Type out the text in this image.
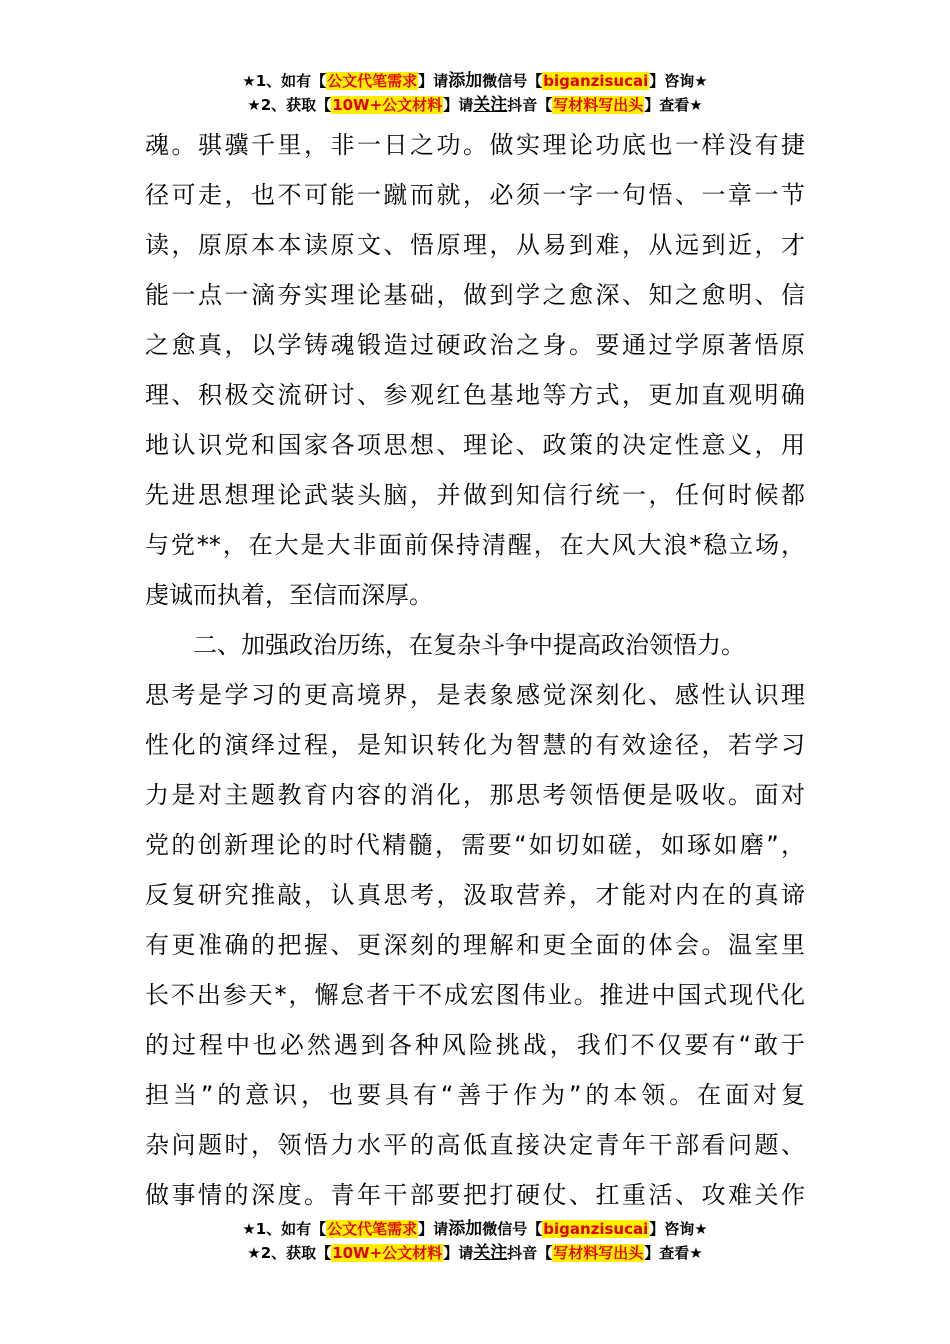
★1、如有【公文代笔需求】请添加微信号【biganzisucai】咨询★
★2、获取【10W+公文材料】请关注抖音【写材料写出头】查看★
魂。骐骥千里，非一日之功。做实理论功底也一样没有捷
径可走，也不可能一蹴而就，必须一字一句悟、一章一节
读，原原本本读原文、悟原理，从易到难，从远到近，才
能一点一滴夯实理论基础，做到学之愈深、知之愈明、信
之愈真，以学铸魂锻造过硬政治之身。要通过学原著悟原
理、积极交流研讨、参观红色基地等方式，更加直观明确
地认识党和国家各项思想、理论、政策的决定性意义，用
先进思想理论武装头脑，并做到知信行统一，任何时候都
与党**，在大是大非面前保持清醒，在大风大浪*稳立场，
虔诚而执着，至信而深厚。
　　二、加强政治历练，在复杂斗争中提高政治领悟力。
思考是学习的更高境界，是表象感觉深刻化、感性认识理
性化的演绎过程，是知识转化为智慧的有效途径，若学习
力是对主题教育内容的消化，那思考领悟便是吸收。面对
党的创新理论的时代精髓，需要“如切如磋，如琢如磨”，
反复研究推敲，认真思考，汲取营养，才能对内在的真谛
有更准确的把握、更深刻的理解和更全面的体会。温室里
长不出参天*，懈怠者干不成宏图伟业。推进中国式现代化
的过程中也必然遇到各种风险挑战，我们不仅要有“敢于
担当”的意识，也要具有“善于作为”的本领。在面对复
杂问题时，领悟力水平的高低直接决定青年干部看问题、
做事情的深度。青年干部要把打硬仗、扛重活、攻难关作
★1、如有【公文代笔需求】请添加微信号【biganzisucai】咨询★
★2、获取【10W+公文材料】请关注抖音【写材料写出头】查看★
